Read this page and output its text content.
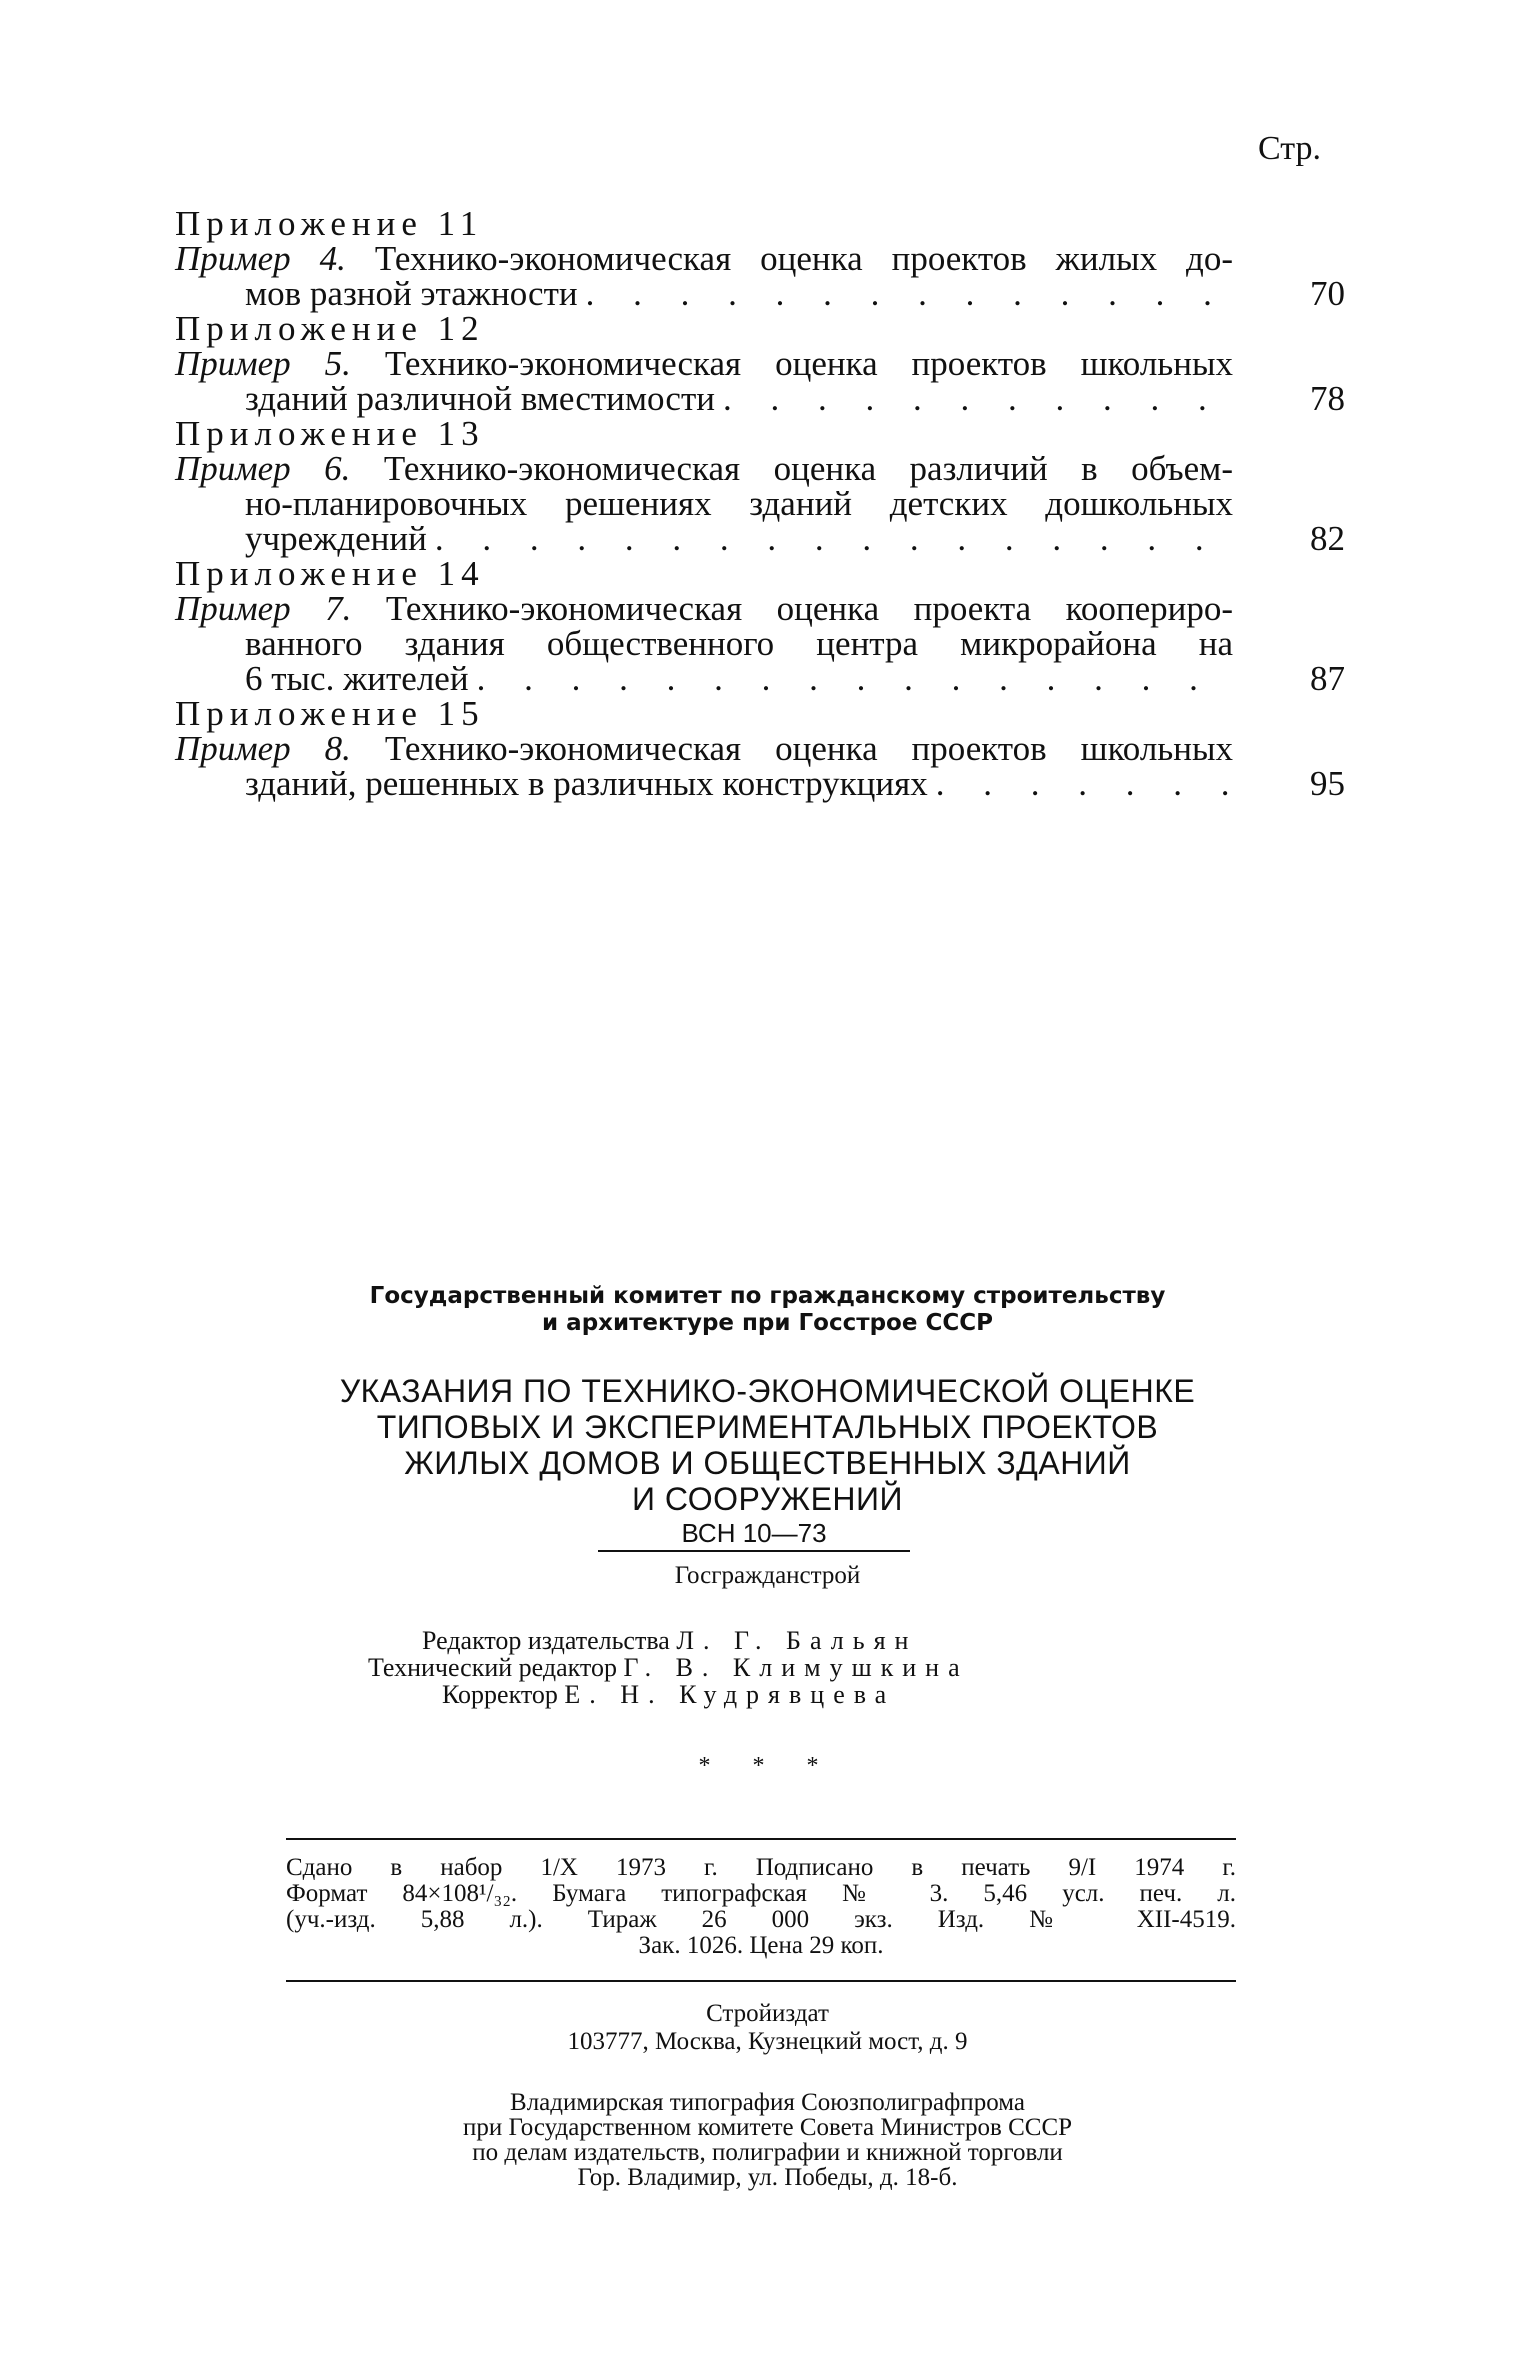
Стр.
Приложение 11
Пример 4. Технико-экономическая оценка проектов жилых до-
мов разной этажности . . .	70
Приложение 12
Пример 5. Технико-экономическая оценка проектов школьных
зданий различной вместимости . . .	78
Приложение 13
Пример 6. Технико-экономическая оценка различий в объем-
но-планировочных решениях зданий детских дошкольных
учреждений . . .	82
Приложение 14
Пример 7. Технико-экономическая оценка проекта коопериро-
ванного здания общественного центра микрорайона на
6 тыс. жителей . . .	87
Приложение 15
Пример 8. Технико-экономическая оценка проектов школьных
зданий, решенных в различных конструкциях . . .	95
Государственный комитет по гражданскому строительству
и архитектуре при Госстрое СССР
УКАЗАНИЯ ПО ТЕХНИКО-ЭКОНОМИЧЕСКОЙ ОЦЕНКЕ
ТИПОВЫХ И ЭКСПЕРИМЕНТАЛЬНЫХ ПРОЕКТОВ
ЖИЛЫХ ДОМОВ И ОБЩЕСТВЕННЫХ ЗДАНИЙ
И СООРУЖЕНИЙ
ВСН 10—73
Госгражданстрой
Редактор издательства Л. Г. Бальян
Технический редактор Г. В. Климушкина
Корректор Е. Н. Кудрявцева
* * *
Сдано в набор 1/X 1973 г. Подписано в печать 9/I 1974 г.
Формат 84×108¹/₃₂. Бумага типографская № 3. 5,46 усл. печ. л.
(уч.-изд. 5,88 л.). Тираж 26 000 экз. Изд. № XII-4519.
Зак. 1026. Цена 29 коп.
Стройиздат
103777, Москва, Кузнецкий мост, д. 9
Владимирская типография Союзполиграфпрома
при Государственном комитете Совета Министров СССР
по делам издательств, полиграфии и книжной торговли
Гор. Владимир, ул. Победы, д. 18-б.
